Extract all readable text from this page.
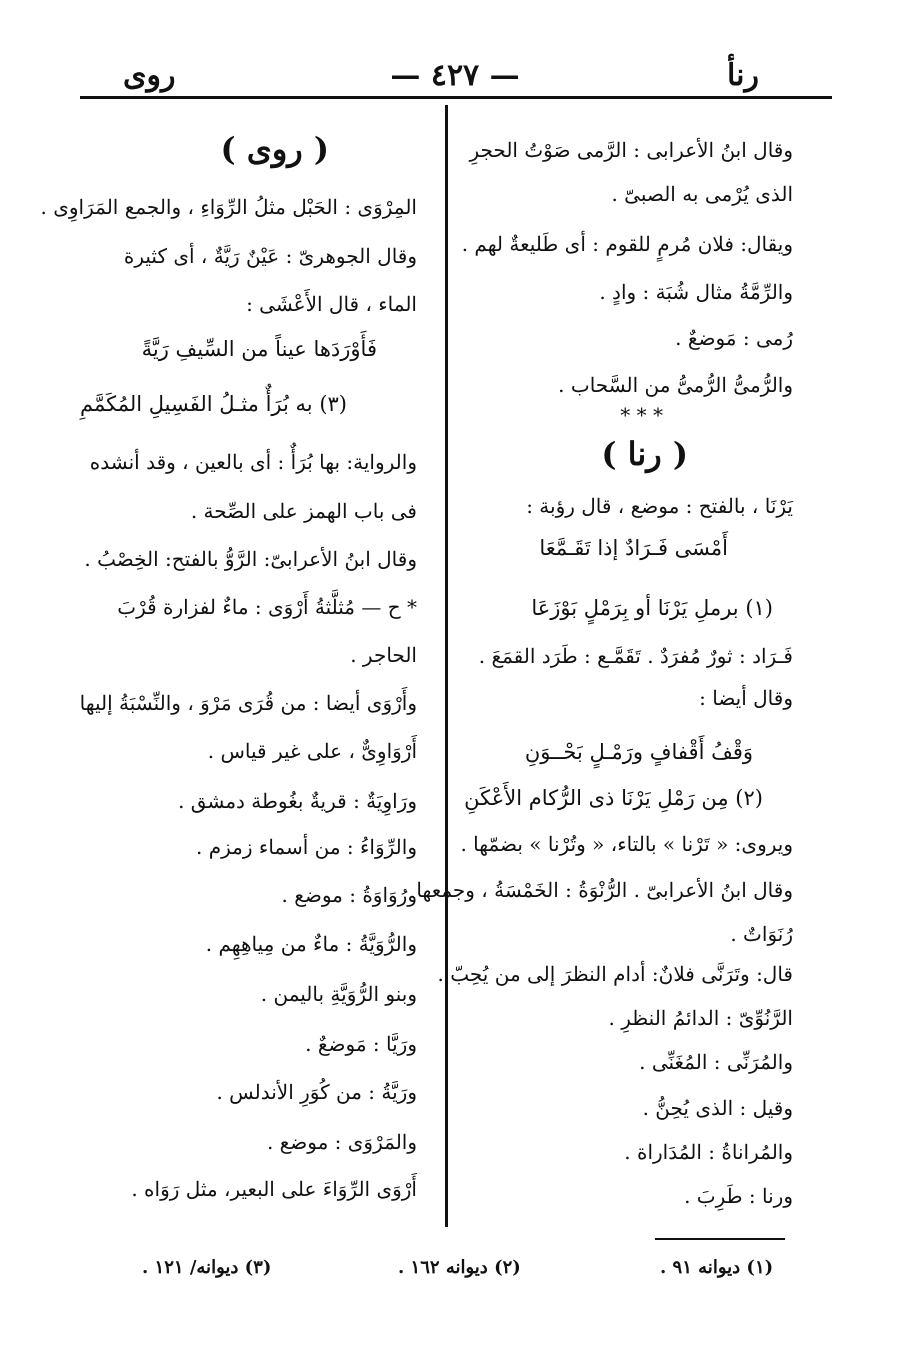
رنأ
— ٤٢٧ —
روى
وقال ابنُ الأعرابى : الرَّمى صَوْتُ الحجرِ
الذى يُرْمى به الصبىّ .
ويقال: فلان مُرمٍ للقوم : أى طَليعةٌ لهم .
والرِّمَّةُ مثال شُبَة : وادٍ .
رُمى : مَوضعٌ .
والرُّمىُّ الرُّمىُّ من السَّحاب .
* * *
( رنا )
يَرْنَا ، بالفتح : موضع ، قال رؤبة :
أَمْسَى فَـرَادٌ إذا تَقَـمَّعَا
(١) برملِ يَرْنَا أو بِرَمْلٍ بَوْزَعَا
فَـرَاد : ثورٌ مُفرَدٌ . تَقَمَّـع : طَرَد القمَعَ .
وقال أيضا :
وَقْفُ أَقْفافٍ ورَمْـلٍ بَحْــوَنِ
(٢) مِن رَمْلِ يَرْنَا ذى الرُّكام الأَعْكَنِ
ويروى: « تَرْنا » بالتاء، « وتُرْنا » بضمّها .
وقال ابنُ الأعرابىّ . الرُّنْوَةُ : الخَمْسَةُ ، وجمعها
رُنَوَاتٌ .
قال: وتَرَنَّى فلانٌ: أدام النظرَ إلى من يُحِبّ .
الرَّنُوِّىّ : الدائمُ النظرِ .
والمُرَنِّى : المُغَنِّى .
وقيل : الذى يُحِنُّ .
والمُراناةُ : المُدَاراة .
ورنا : طَرِبَ .
( روى )
المِرْوَى : الحَبْل مثلُ الرِّوَاءِ ، والجمع المَرَاوِى .
وقال الجوهرىّ : عَيْنٌ رَيَّةٌ ، أى كثيرة
الماء ، قال الأَعْشَى :
فَأَوْرَدَها عيناً من السِّيفِ رَيَّةً
(٣) به بُرَأٌ مثـلُ الفَسِيلِ المُكَمَّمِ
والرواية: بها بُرَأٌ : أى بالعين ، وقد أنشده
فى باب الهمز على الصِّحة .
وقال ابنُ الأعرابىّ: الرَّوُّ بالفتح: الخِصْبُ .
* ح — مُثلَّثةُ أَرْوَى : ماءٌ لفزارة قُرْبَ
الحاجر .
وأَرْوَى أيضا : من قُرَى مَرْوَ ، والنِّسْبَةُ إليها
أَرْوَاوِىٌّ ، على غير قياس .
ورَاوِيَةٌ : قريةٌ بغُوطة دمشق .
والرِّوَاءُ : من أسماء زمزم .
ورُوَاوَةُ : موضع .
والرُّوَيَّةُ : ماءٌ من مِياهِهِم .
وبنو الرُّوَيَّةِ باليمن .
ورَيَّا : مَوضعٌ .
ورَيَّةُ : من كُوَرِ الأندلس .
والمَرْوَى : موضع .
أَرْوَى الرِّوَاءَ على البعير، مثل رَوَاه .
(١) ديوانه ٩١ .
(٢) ديوانه ١٦٢ .
(٣) ديوانه/ ١٢١ .
